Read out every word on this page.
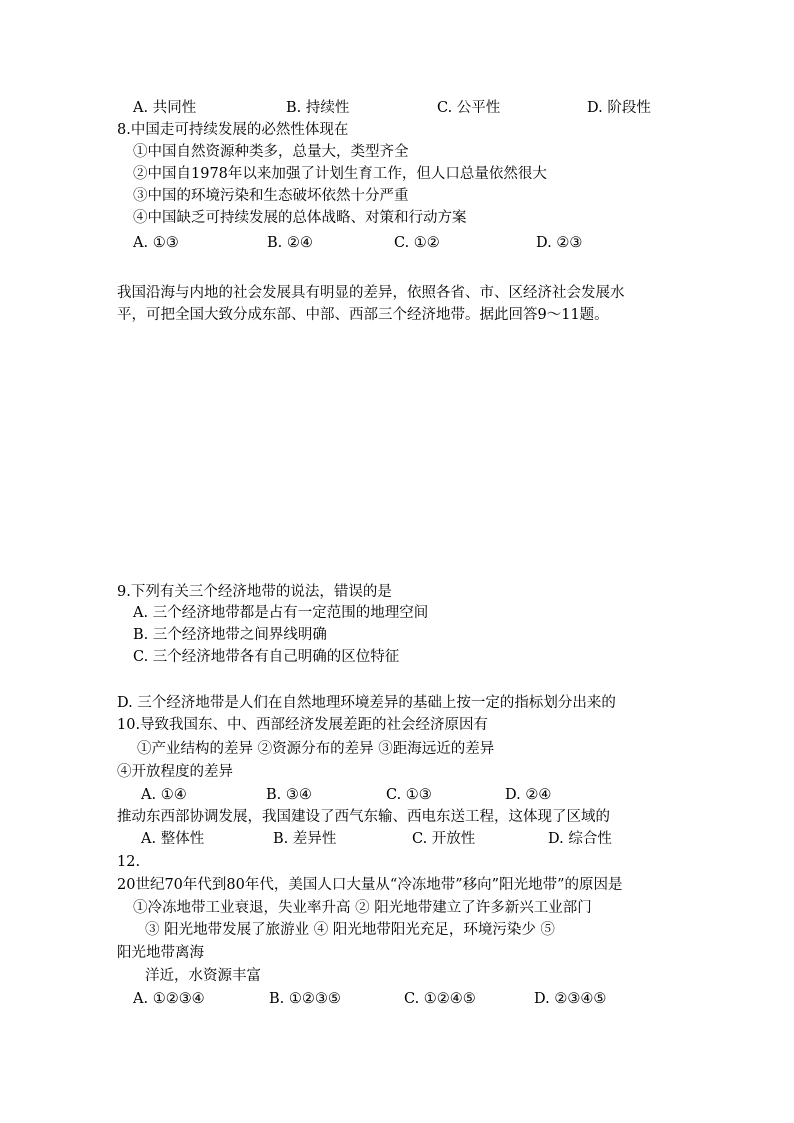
A. 共同性	B. 持续性	C. 公平性	D. 阶段性
8.中国走可持续发展的必然性体现在
①中国自然资源种类多，总量大，类型齐全
②中国自1978年以来加强了计划生育工作，但人口总量依然很大
③中国的环境污染和生态破坏依然十分严重
④中国缺乏可持续发展的总体战略、对策和行动方案
A. ①③	B. ②④	C. ①②	D. ②③
我国沿海与内地的社会发展具有明显的差异，依照各省、市、区经济社会发展水
平，可把全国大致分成东部、中部、西部三个经济地带。据此回答9～11题。
9.下列有关三个经济地带的说法，错误的是
A. 三个经济地带都是占有一定范围的地理空间
B. 三个经济地带之间界线明确
C. 三个经济地带各有自己明确的区位特征
D. 三个经济地带是人们在自然地理环境差异的基础上按一定的指标划分出来的
10.导致我国东、中、西部经济发展差距的社会经济原因有
①产业结构的差异 ②资源分布的差异 ③距海远近的差异
④开放程度的差异
A. ①④	B. ③④	C. ①③	D. ②④
推动东西部协调发展，我国建设了西气东输、西电东送工程，这体现了区域的
A. 整体性	B. 差异性	C. 开放性	D. 综合性
12.
20世纪70年代到80年代，美国人口大量从“冷冻地带”移向”阳光地带”的原因是
①冷冻地带工业衰退，失业率升高 ② 阳光地带建立了许多新兴工业部门
③ 阳光地带发展了旅游业 ④ 阳光地带阳光充足，环境污染少 ⑤
阳光地带离海
洋近，水资源丰富
A. ①②③④	B. ①②③⑤	C. ①②④⑤	D. ②③④⑤
